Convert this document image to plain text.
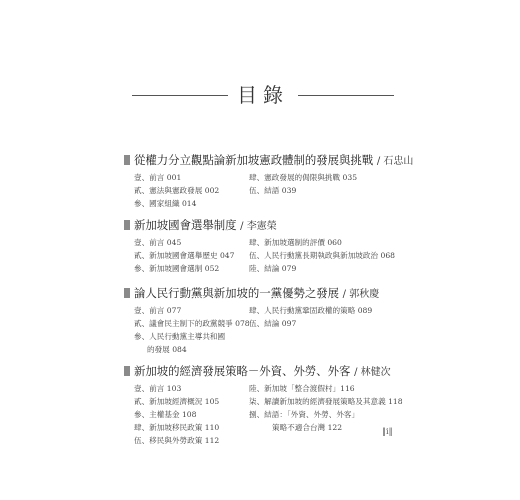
目錄
從權力分立觀點論新加坡憲政體制的發展與挑戰 / 石忠山
壹、前言 001
貳、憲法與憲政發展 002
參、國家組織 014
肆、憲政發展的侷限與挑戰 035
伍、結語 039
新加坡國會選舉制度 / 李憲榮
壹、前言 045
貳、新加坡國會選舉歷史 047
參、新加坡國會選制 052
肆、新加坡選制的評價 060
伍、人民行動黨長期執政與新加坡政治 068
陸、結論 079
論人民行動黨與新加坡的一黨優勢之發展 / 郭秋慶
壹、前言 077
貳、議會民主制下的政黨競爭 078
參、人民行動黨主導共和國
的發展 084
肆、人民行動黨鞏固政權的策略 089
伍、結論 097
新加坡的經濟發展策略－外資、外勞、外客 / 林健次
壹、前言 103
貳、新加坡經濟概況 105
參、主權基金 108
肆、新加坡移民政策 110
伍、移民與外勞政策 112
陸、新加坡「整合渡假村」116
柒、解讀新加坡的經濟發展策略及其意義 118
捌、結語：「外資、外勞、外客」
策略不適合台灣 122	‖i‖
